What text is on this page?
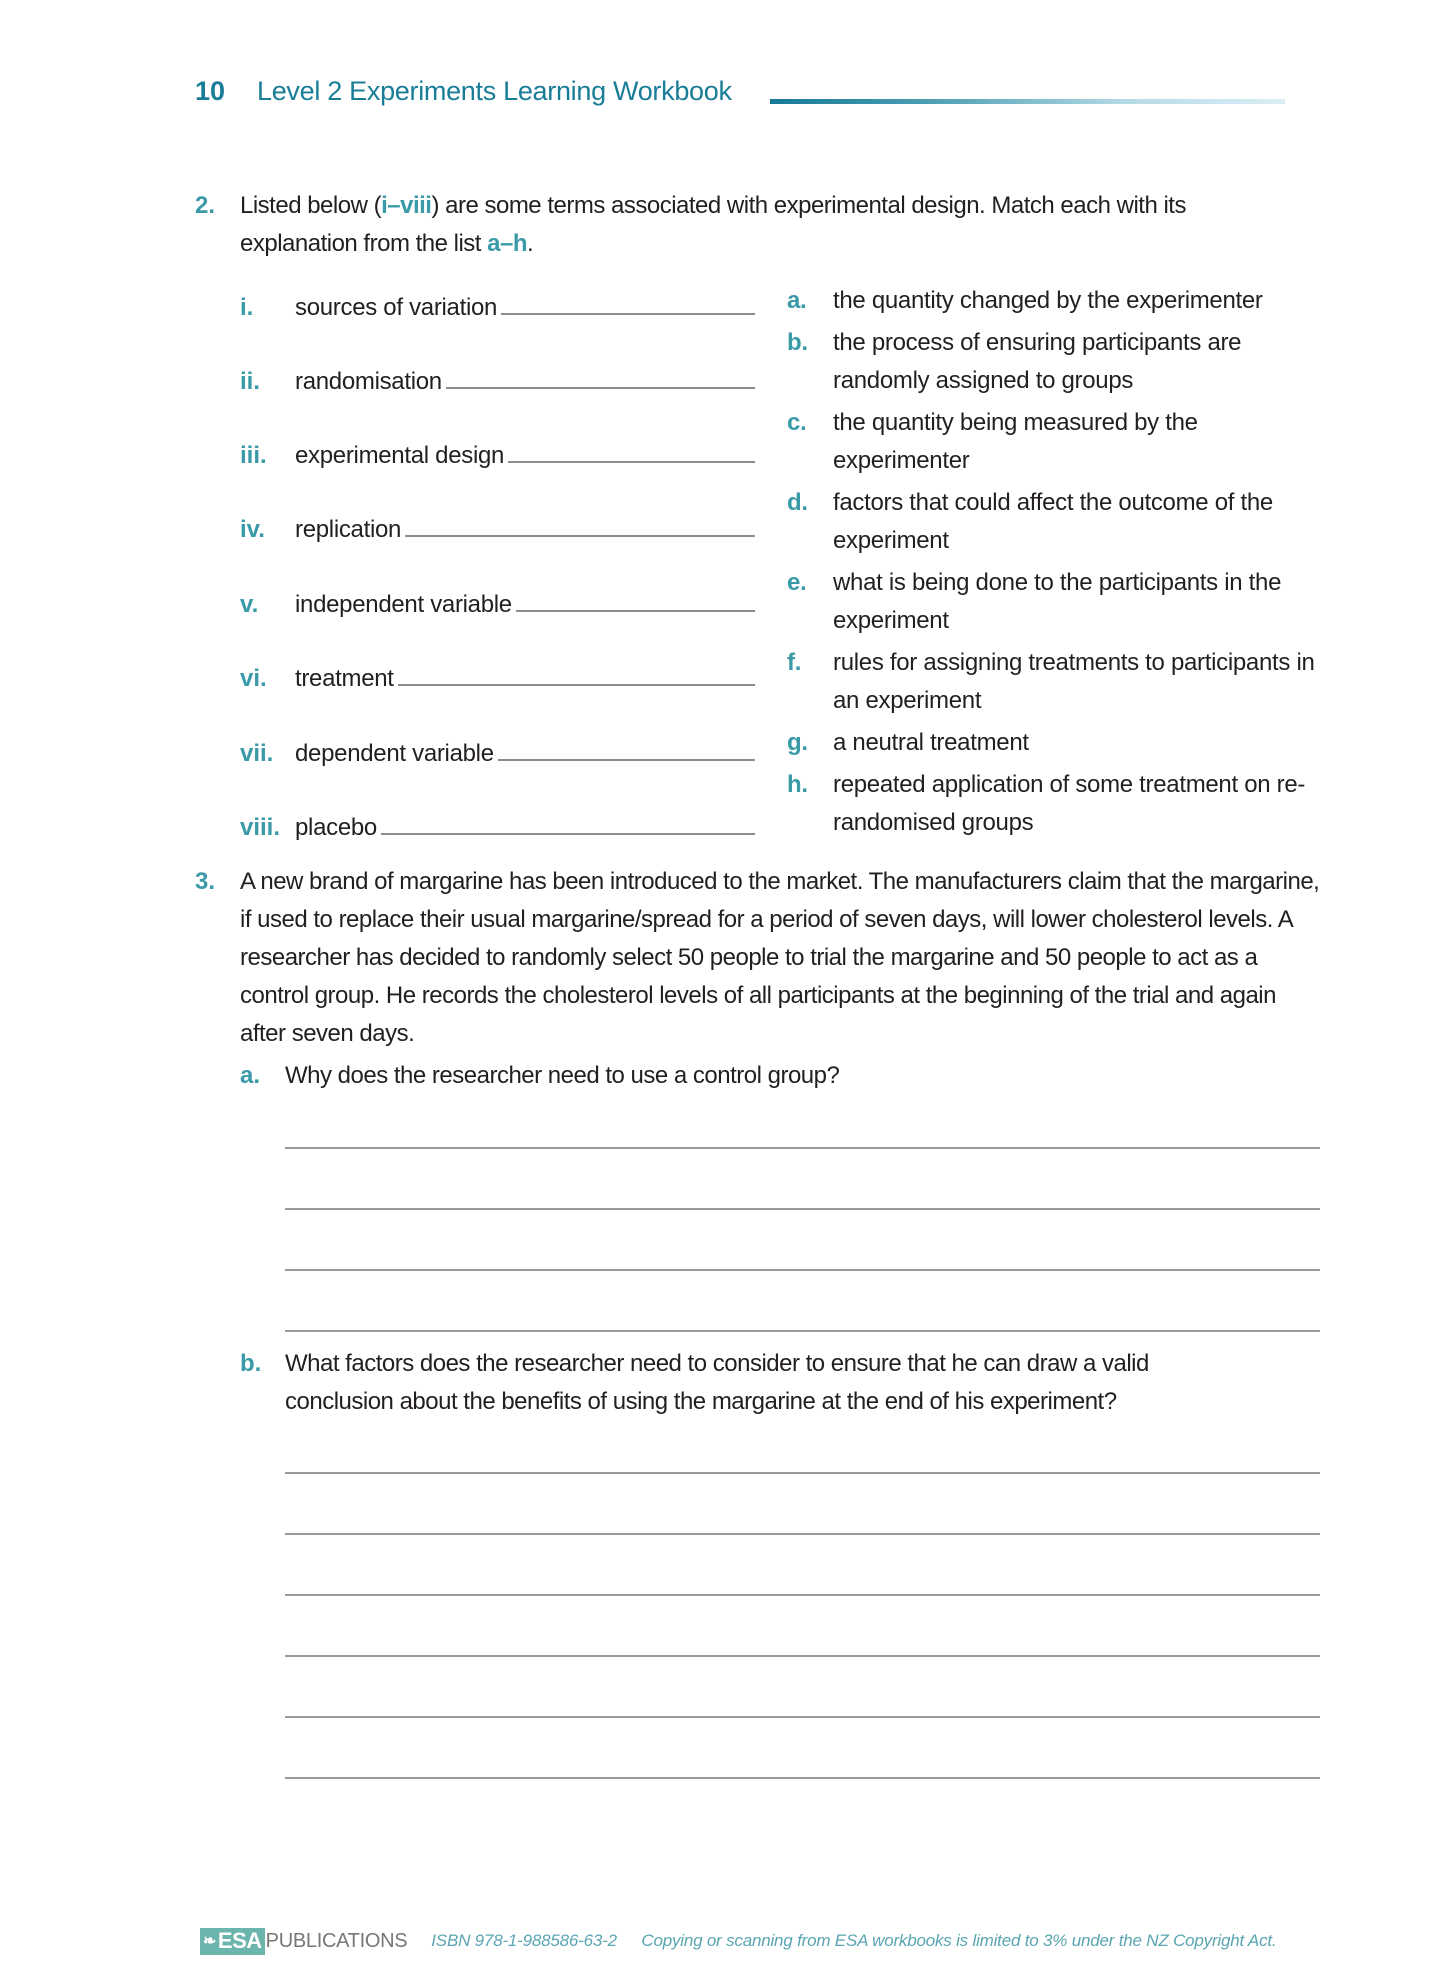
10	Level 2 Experiments Learning Workbook
2.	Listed below (i–viii) are some terms associated with experimental design. Match each with its
explanation from the list a–h.
i.	sources of variation
ii.	randomisation
iii.	experimental design
iv.	replication
v.	independent variable
vi.	treatment
vii. dependent variable
viii. placebo
a.	the quantity changed by the experimenter
b.	the process of ensuring participants are randomly assigned to groups
c.	the quantity being measured by the experimenter
d.	factors that could affect the outcome of the experiment
e.	what is being done to the participants in the experiment
f.	rules for assigning treatments to participants in an experiment
g.	a neutral treatment
h.	repeated application of some treatment on re-randomised groups
3.	A new brand of margarine has been introduced to the market. The manufacturers claim that the margarine, if used to replace their usual margarine/spread for a period of seven days, will lower cholesterol levels. A researcher has decided to randomly select 50 people to trial the margarine and 50 people to act as a control group. He records the cholesterol levels of all participants at the beginning of the trial and again after seven days.
a.	Why does the researcher need to use a control group?
b. What factors does the researcher need to consider to ensure that he can draw a valid conclusion about the benefits of using the margarine at the end of his experiment?
❧ ESA PUBLICATIONS ISBN 978-1-988586-63-2 Copying or scanning from ESA workbooks is limited to 3% under the NZ Copyright Act.
